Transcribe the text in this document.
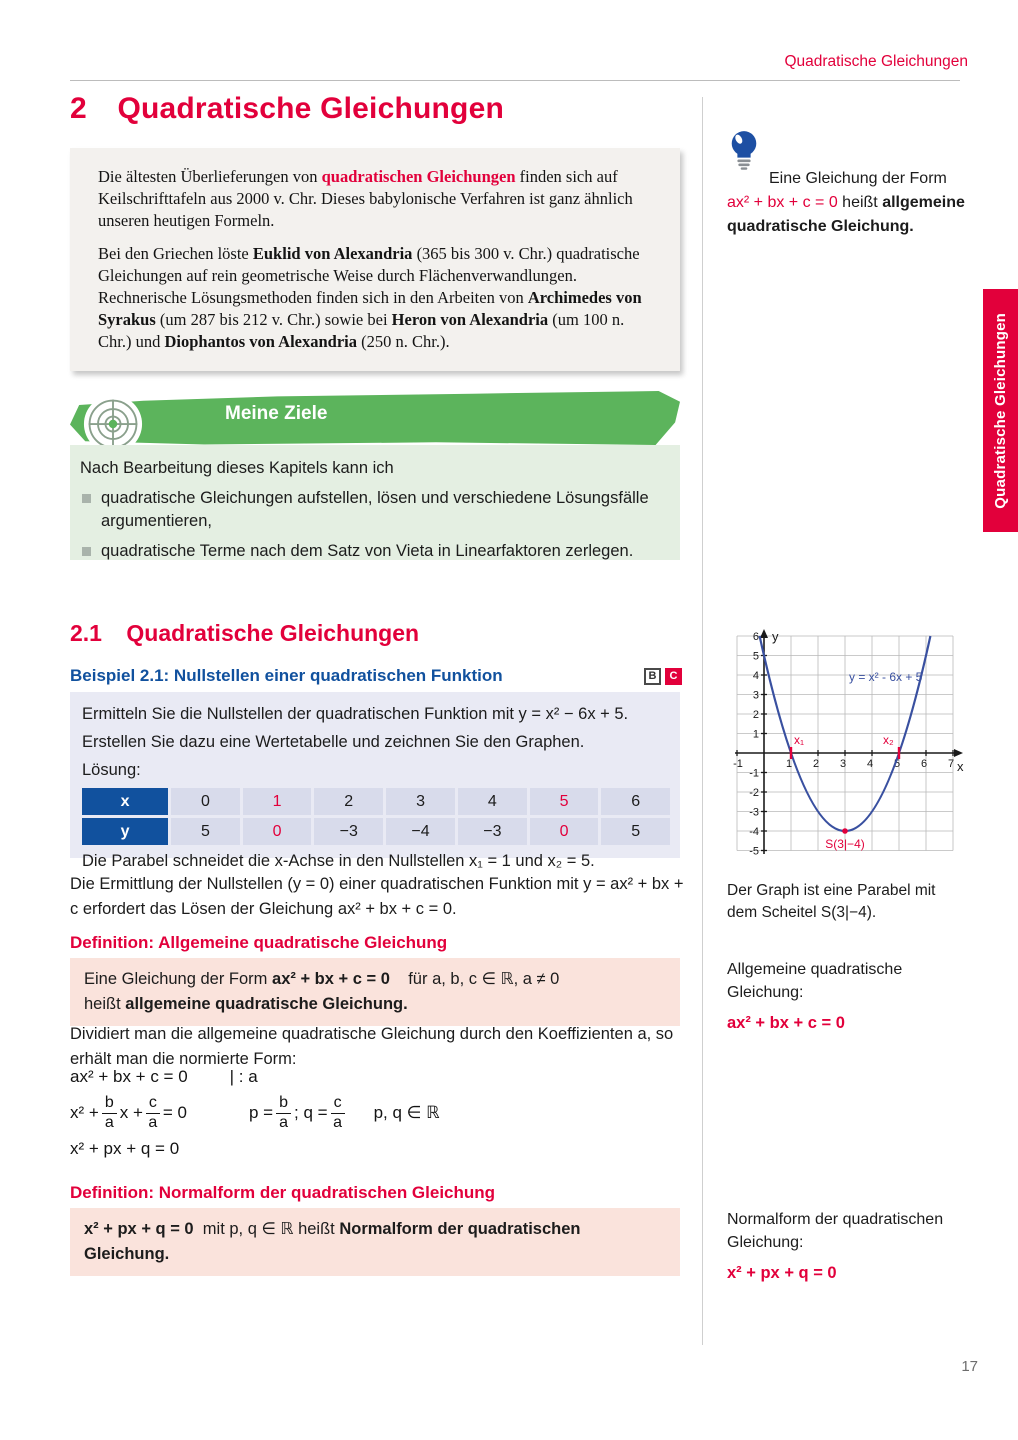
Quadratische Gleichungen
2 Quadratische Gleichungen

Die ältesten Überlieferungen von quadratischen Gleichungen finden sich auf Keilschrifttafeln aus 2000 v. Chr. Dieses babylonische Verfahren ist ganz ähnlich unseren heutigen Formeln.

Bei den Griechen löste Euklid von Alexandria (365 bis 300 v. Chr.) quadratische Gleichungen auf rein geometrische Weise durch Flächenverwandlungen. Rechnerische Lösungsmethoden finden sich in den Arbeiten von Archimedes von Syrakus (um 287 bis 212 v. Chr.) sowie bei Heron von Alexandria (um 100 n. Chr.) und Diophantos von Alexandria (250 n. Chr.).

Meine Ziele

Nach Bearbeitung dieses Kapitels kann ich

quadratische Gleichungen aufstellen, lösen und verschiedene Lösungsfälle argumentieren,
quadratische Terme nach dem Satz von Vieta in Linearfaktoren zerlegen.
2.1 Quadratische Gleichungen
Beispiel 2.1: Nullstellen einer quadratischen Funktion	B	C

Ermitteln Sie die Nullstellen der quadratischen Funktion mit y = x² − 6x + 5.

Erstellen Sie dazu eine Wertetabelle und zeichnen Sie den Graphen.

Lösung:

x	0	1	2	3	4	5	6
y	5	0	−3	−4	−3	0	5

Die Parabel schneidet die x-Achse in den Nullstellen x₁ = 1 und x₂ = 5.

Die Ermittlung der Nullstellen (y = 0) einer quadratischen Funktion mit y = ax² + bx + c erfordert das Lösen der Gleichung ax² + bx + c = 0.

Definition: Allgemeine quadratische Gleichung
Eine Gleichung der Form ax² + bx + c = 0    für a, b, c ∈ ℝ, a ≠ 0
heißt allgemeine quadratische Gleichung.

Dividiert man die allgemeine quadratische Gleichung durch den Koeffizienten a, so erhält man die normierte Form:

ax² + bx + c = 0 | : a
$x^2 + \frac{b}{a}$ $x + \frac{c}{a} = 0$	$p = \frac{b}{a}$ ; $q = \frac{c}{a} p$, q ∈ ℝ
x² + px + q = 0
Definition: Normalform der quadratischen Gleichung
x² + px + q = 0  mit p, q ∈ ℝ heißt Normalform der quadratischen Gleichung.
Eine Gleichung der Form ax² + bx + c = 0 heißt allgemeine quadratische Gleichung.
Quadratische Gleichungen
6
5
4
3
2
1
-1
-2
-3
-4
-5
-1	1 2 3 4 5 6 7
y
x
y = x² - 6x + 5
x₁	x₂
S(3|−4)
Der Graph ist eine Parabel mit dem Scheitel S(3|−4).
Allgemeine quadratische Gleichung:
ax² + bx + c = 0
Normalform der quadratischen Gleichung:
x² + px + q = 0
17
